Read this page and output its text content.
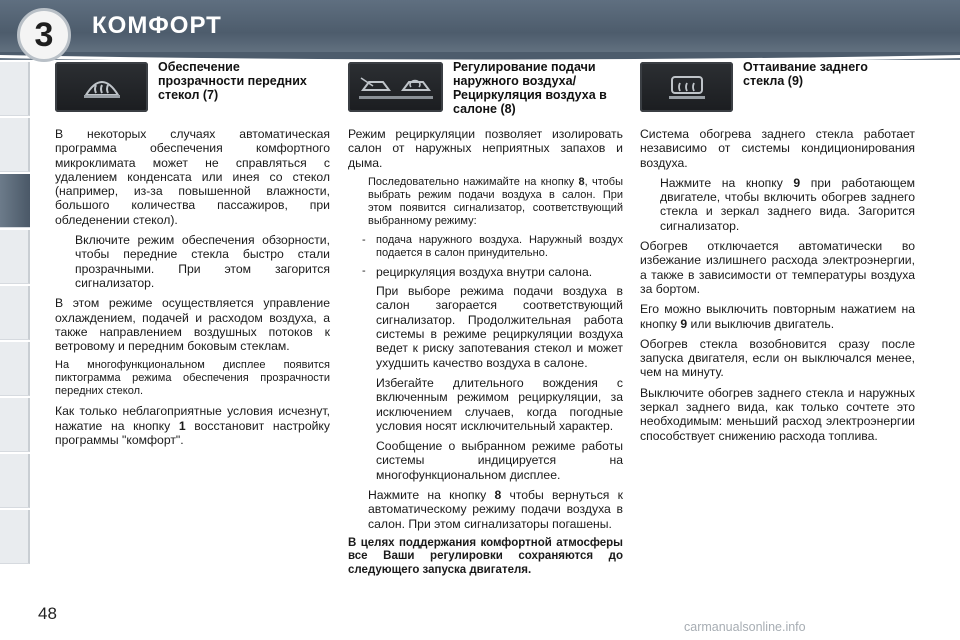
3	КОМФОРТ
Обеспечение прозрачности передних стекол (7)

В некоторых случаях автоматическая программа обеспечения комфортного микроклимата может не справляться с удалением конденсата или инея со стекол (например, из-за повышенной влажности, большого количества пассажиров, при обледенении стекол).

Включите режим обеспечения обзорности, чтобы передние стекла быстро стали прозрачными. При этом загорится сигнализатор.

В этом режиме осуществляется управление охлаждением, подачей и расходом воздуха, а также направлением воздушных потоков к ветровому и передним боковым стеклам.

На многофункциональном дисплее появится пиктограмма режима обеспечения прозрачности передних стекол.

Как только неблагоприятные условия исчезнут, нажатие на кнопку 1 восстановит настройку программы "комфорт".

Регулирование подачи наружного воздуха/ Рециркуляция воздуха в салоне (8)

Режим рециркуляции позволяет изолировать салон от наружных неприятных запахов и дыма.

Последовательно нажимайте на кнопку 8, чтобы выбрать режим подачи воздуха в салон. При этом появится сигнализатор, соответствующий выбранному режиму:
- подача наружного воздуха. Наружный воздух подается в салон принудительно.
- рециркуляция воздуха внутри салона.

При выборе режима подачи воздуха в салон загорается соответствующий сигнализатор. Продолжительная работа системы в режиме рециркуляции воздуха ведет к риску запотевания стекол и может ухудшить качество воздуха в салоне.

Избегайте длительного вождения с включенным режимом рециркуляции, за исключением случаев, когда погодные условия носят исключительный характер.

Сообщение о выбранном режиме работы системы индицируется на многофункциональном дисплее.

Нажмите на кнопку 8 чтобы вернуться к автоматическому режиму подачи воздуха в салон. При этом сигнализаторы погашены.

В целях поддержания комфортной атмосферы все Ваши регулировки сохраняются до следующего запуска двигателя.

Оттаивание заднего стекла (9)

Система обогрева заднего стекла работает независимо от системы кондиционирования воздуха.

Нажмите на кнопку 9 при работающем двигателе, чтобы включить обогрев заднего стекла и зеркал заднего вида. Загорится сигнализатор.

Обогрев отключается автоматически во избежание излишнего расхода электроэнергии, а также в зависимости от температуры воздуха за бортом.

Его можно выключить повторным нажатием на кнопку 9 или выключив двигатель.

Обогрев стекла возобновится сразу после запуска двигателя, если он выключался менее, чем на минуту.

Выключите обогрев заднего стекла и наружных зеркал заднего вида, как только сочтете это необходимым: меньший расход электроэнергии способствует снижению расхода топлива.

48
carmanualsonline.info
